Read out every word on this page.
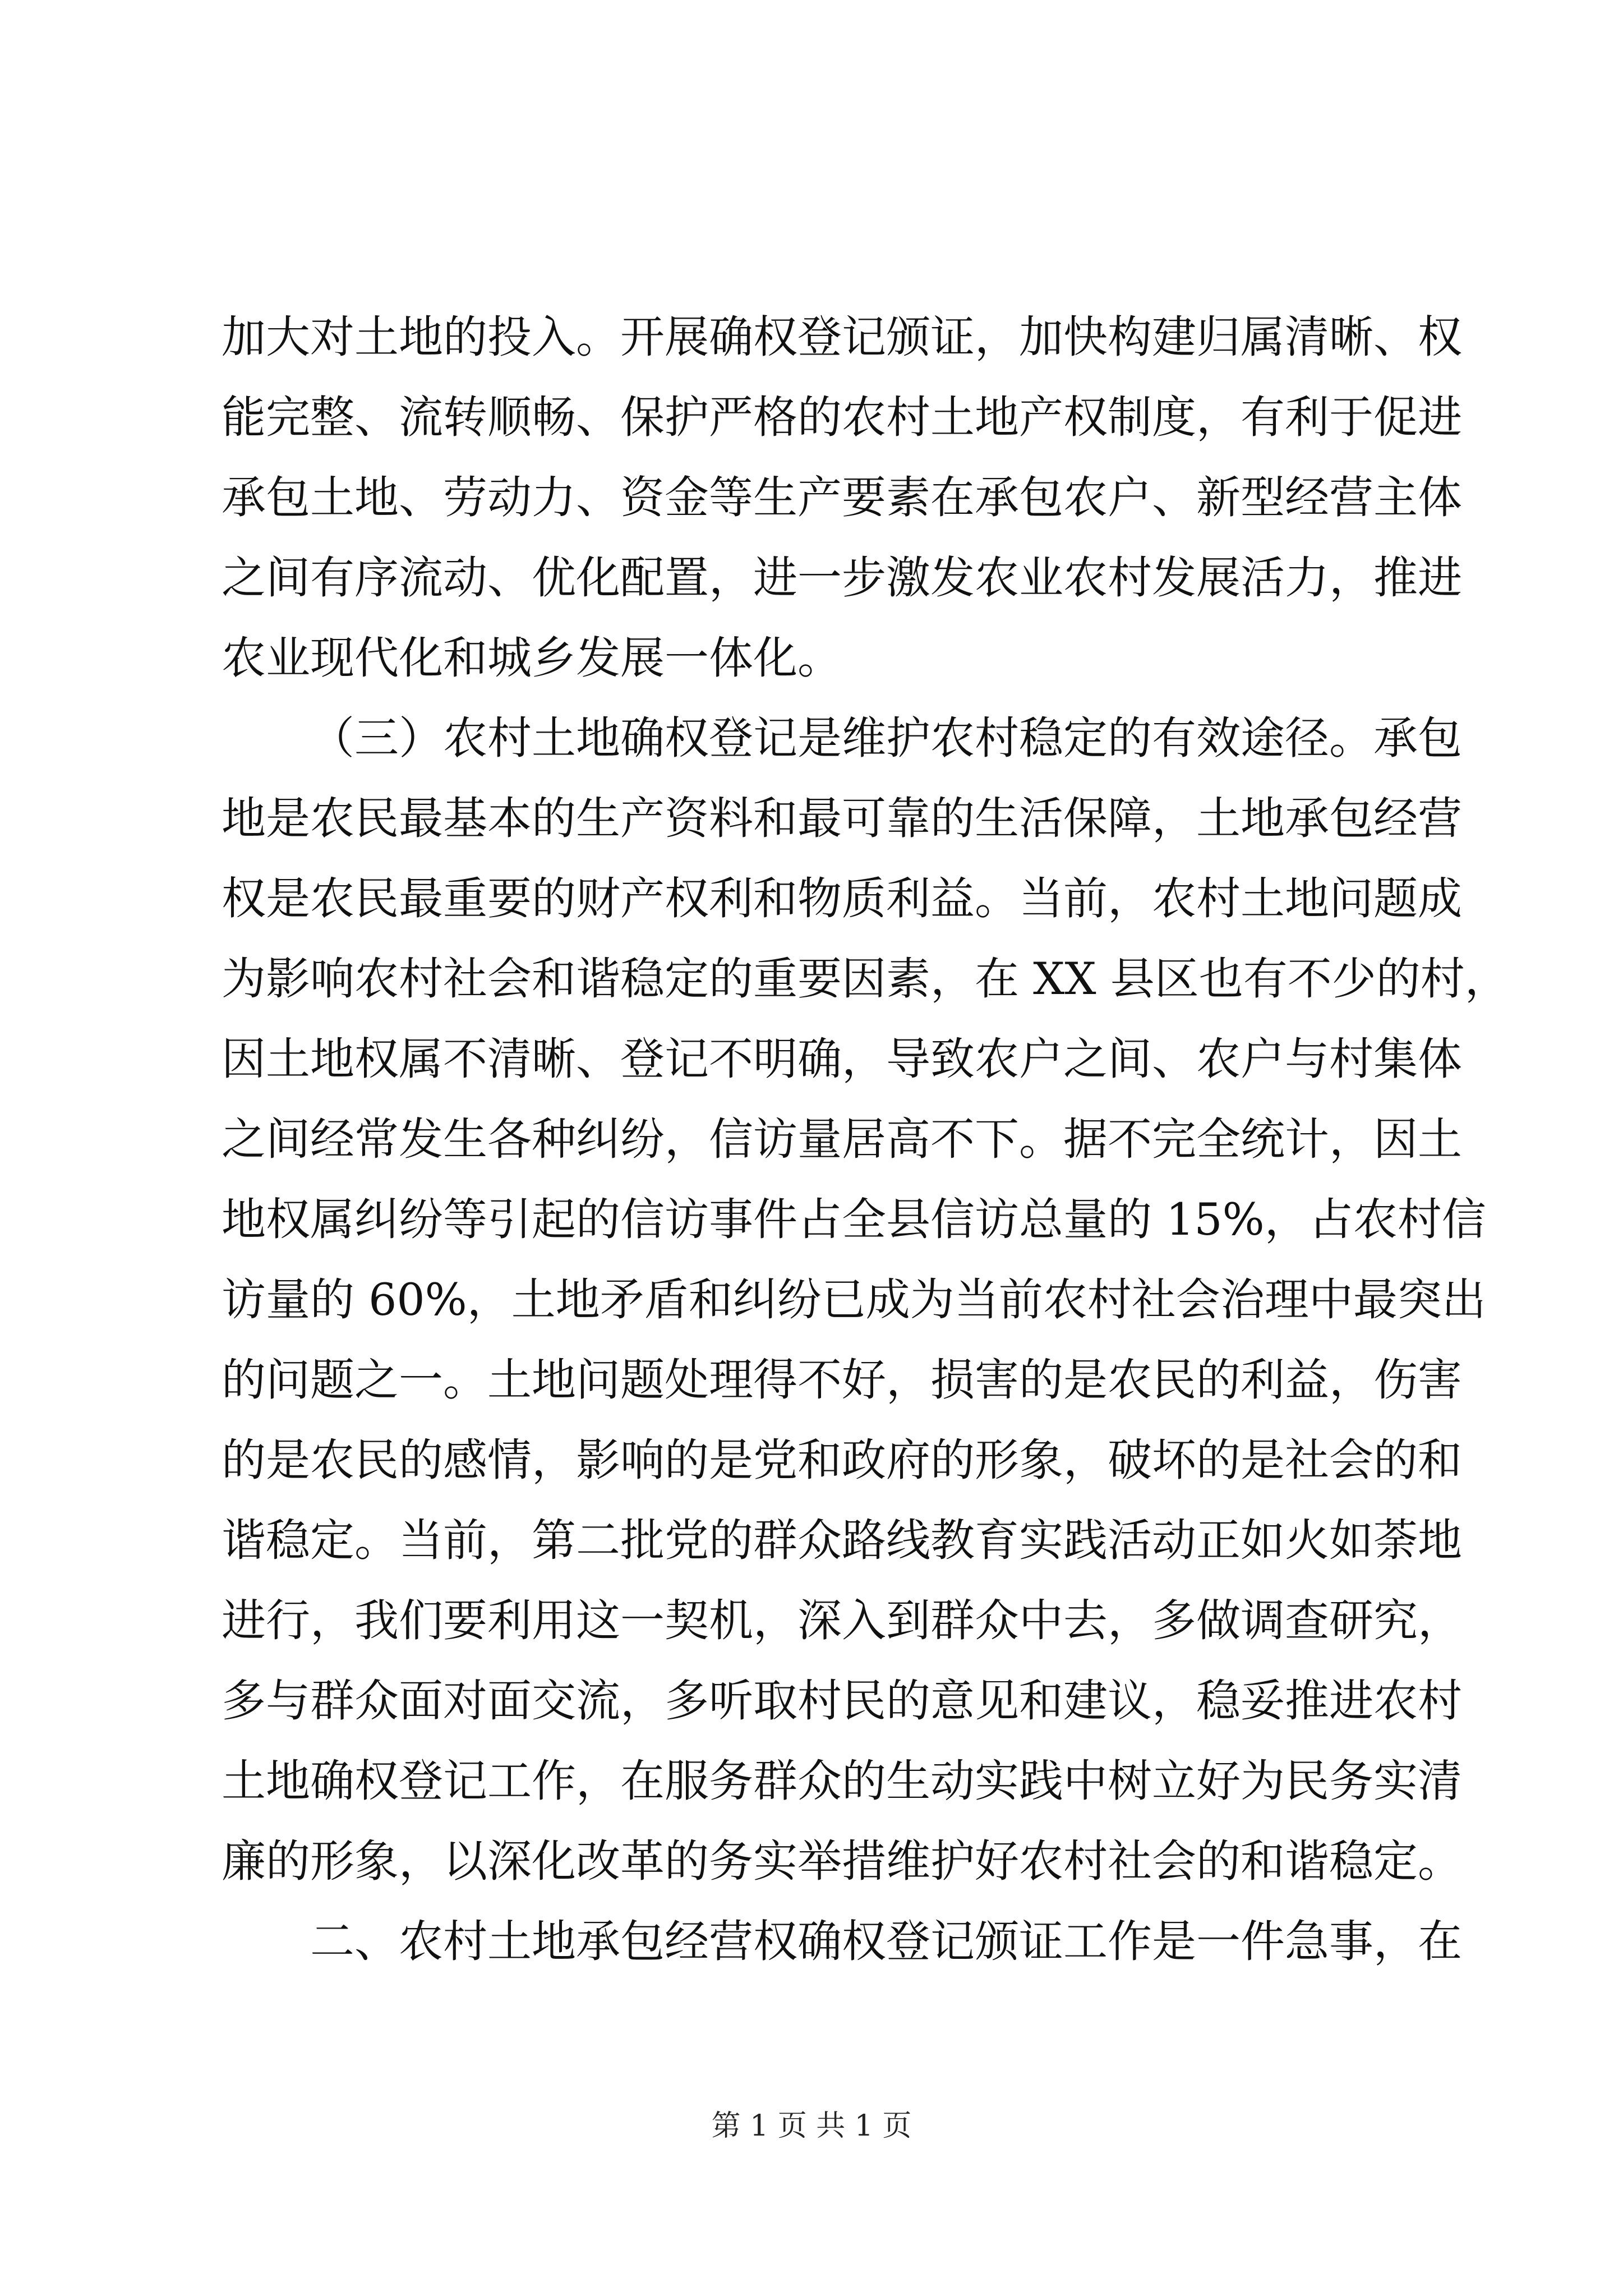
加大对土地的投入。开展确权登记颁证，加快构建归属清晰、权
能完整、流转顺畅、保护严格的农村土地产权制度，有利于促进
承包土地、劳动力、资金等生产要素在承包农户、新型经营主体
之间有序流动、优化配置，进一步激发农业农村发展活力，推进
农业现代化和城乡发展一体化。
（三）农村土地确权登记是维护农村稳定的有效途径。承包
地是农民最基本的生产资料和最可靠的生活保障，土地承包经营
权是农民最重要的财产权利和物质利益。当前，农村土地问题成
为影响农村社会和谐稳定的重要因素，在 XX 县区也有不少的村，
因土地权属不清晰、登记不明确，导致农户之间、农户与村集体
之间经常发生各种纠纷，信访量居高不下。据不完全统计，因土
地权属纠纷等引起的信访事件占全县信访总量的 15%，占农村信
访量的 60%，土地矛盾和纠纷已成为当前农村社会治理中最突出
的问题之一。土地问题处理得不好，损害的是农民的利益，伤害
的是农民的感情，影响的是党和政府的形象，破坏的是社会的和
谐稳定。当前，第二批党的群众路线教育实践活动正如火如荼地
进行，我们要利用这一契机，深入到群众中去，多做调查研究，
多与群众面对面交流，多听取村民的意见和建议，稳妥推进农村
土地确权登记工作，在服务群众的生动实践中树立好为民务实清
廉的形象，以深化改革的务实举措维护好农村社会的和谐稳定。
二、农村土地承包经营权确权登记颁证工作是一件急事，在
第 1 页 共 1 页
